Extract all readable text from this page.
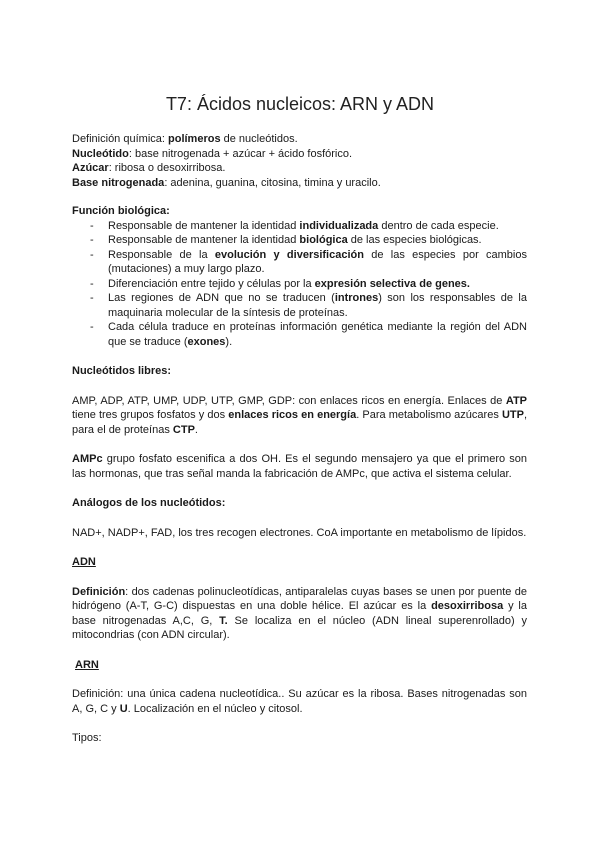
T7: Ácidos nucleicos: ARN y ADN

Definición química: polímeros de nucleótidos.

Nucleótido: base nitrogenada + azúcar + ácido fosfórico.

Azúcar: ribosa o desoxirribosa.

Base nitrogenada: adenina, guanina, citosina, timina y uracilo.

Función biológica:

- Responsable de mantener la identidad individualizada dentro de cada especie.
- Responsable de mantener la identidad biológica de las especies biológicas.
- Responsable de la evolución y diversificación de las especies por cambios (mutaciones) a muy largo plazo.
- Diferenciación entre tejido y células por la expresión selectiva de genes.
- Las regiones de ADN que no se traducen (intrones) son los responsables de la maquinaria molecular de la síntesis de proteínas.
- Cada célula traduce en proteínas información genética mediante la región del ADN que se traduce (exones).

Nucleótidos libres:

AMP, ADP, ATP, UMP, UDP, UTP, GMP, GDP: con enlaces ricos en energía. Enlaces de ATP tiene tres grupos fosfatos y dos enlaces ricos en energía. Para metabolismo azúcares UTP, para el de proteínas CTP.

AMPc grupo fosfato escenifica a dos OH. Es el segundo mensajero ya que el primero son las hormonas, que tras señal manda la fabricación de AMPc, que activa el sistema celular.

Análogos de los nucleótidos:

NAD+, NADP+, FAD, los tres recogen electrones. CoA importante en metabolismo de lípidos.

ADN

Definición: dos cadenas polinucleotídicas, antiparalelas cuyas bases se unen por puente de hidrógeno (A-T, G-C) dispuestas en una doble hélice. El azúcar es la desoxirribosa y la base nitrogenadas A,C, G, T. Se localiza en el núcleo (ADN lineal superenrollado) y mitocondrias (con ADN circular).

ARN

Definición: una única cadena nucleotídica.. Su azúcar es la ribosa. Bases nitrogenadas son A, G, C y U. Localización en el núcleo y citosol.

Tipos:
